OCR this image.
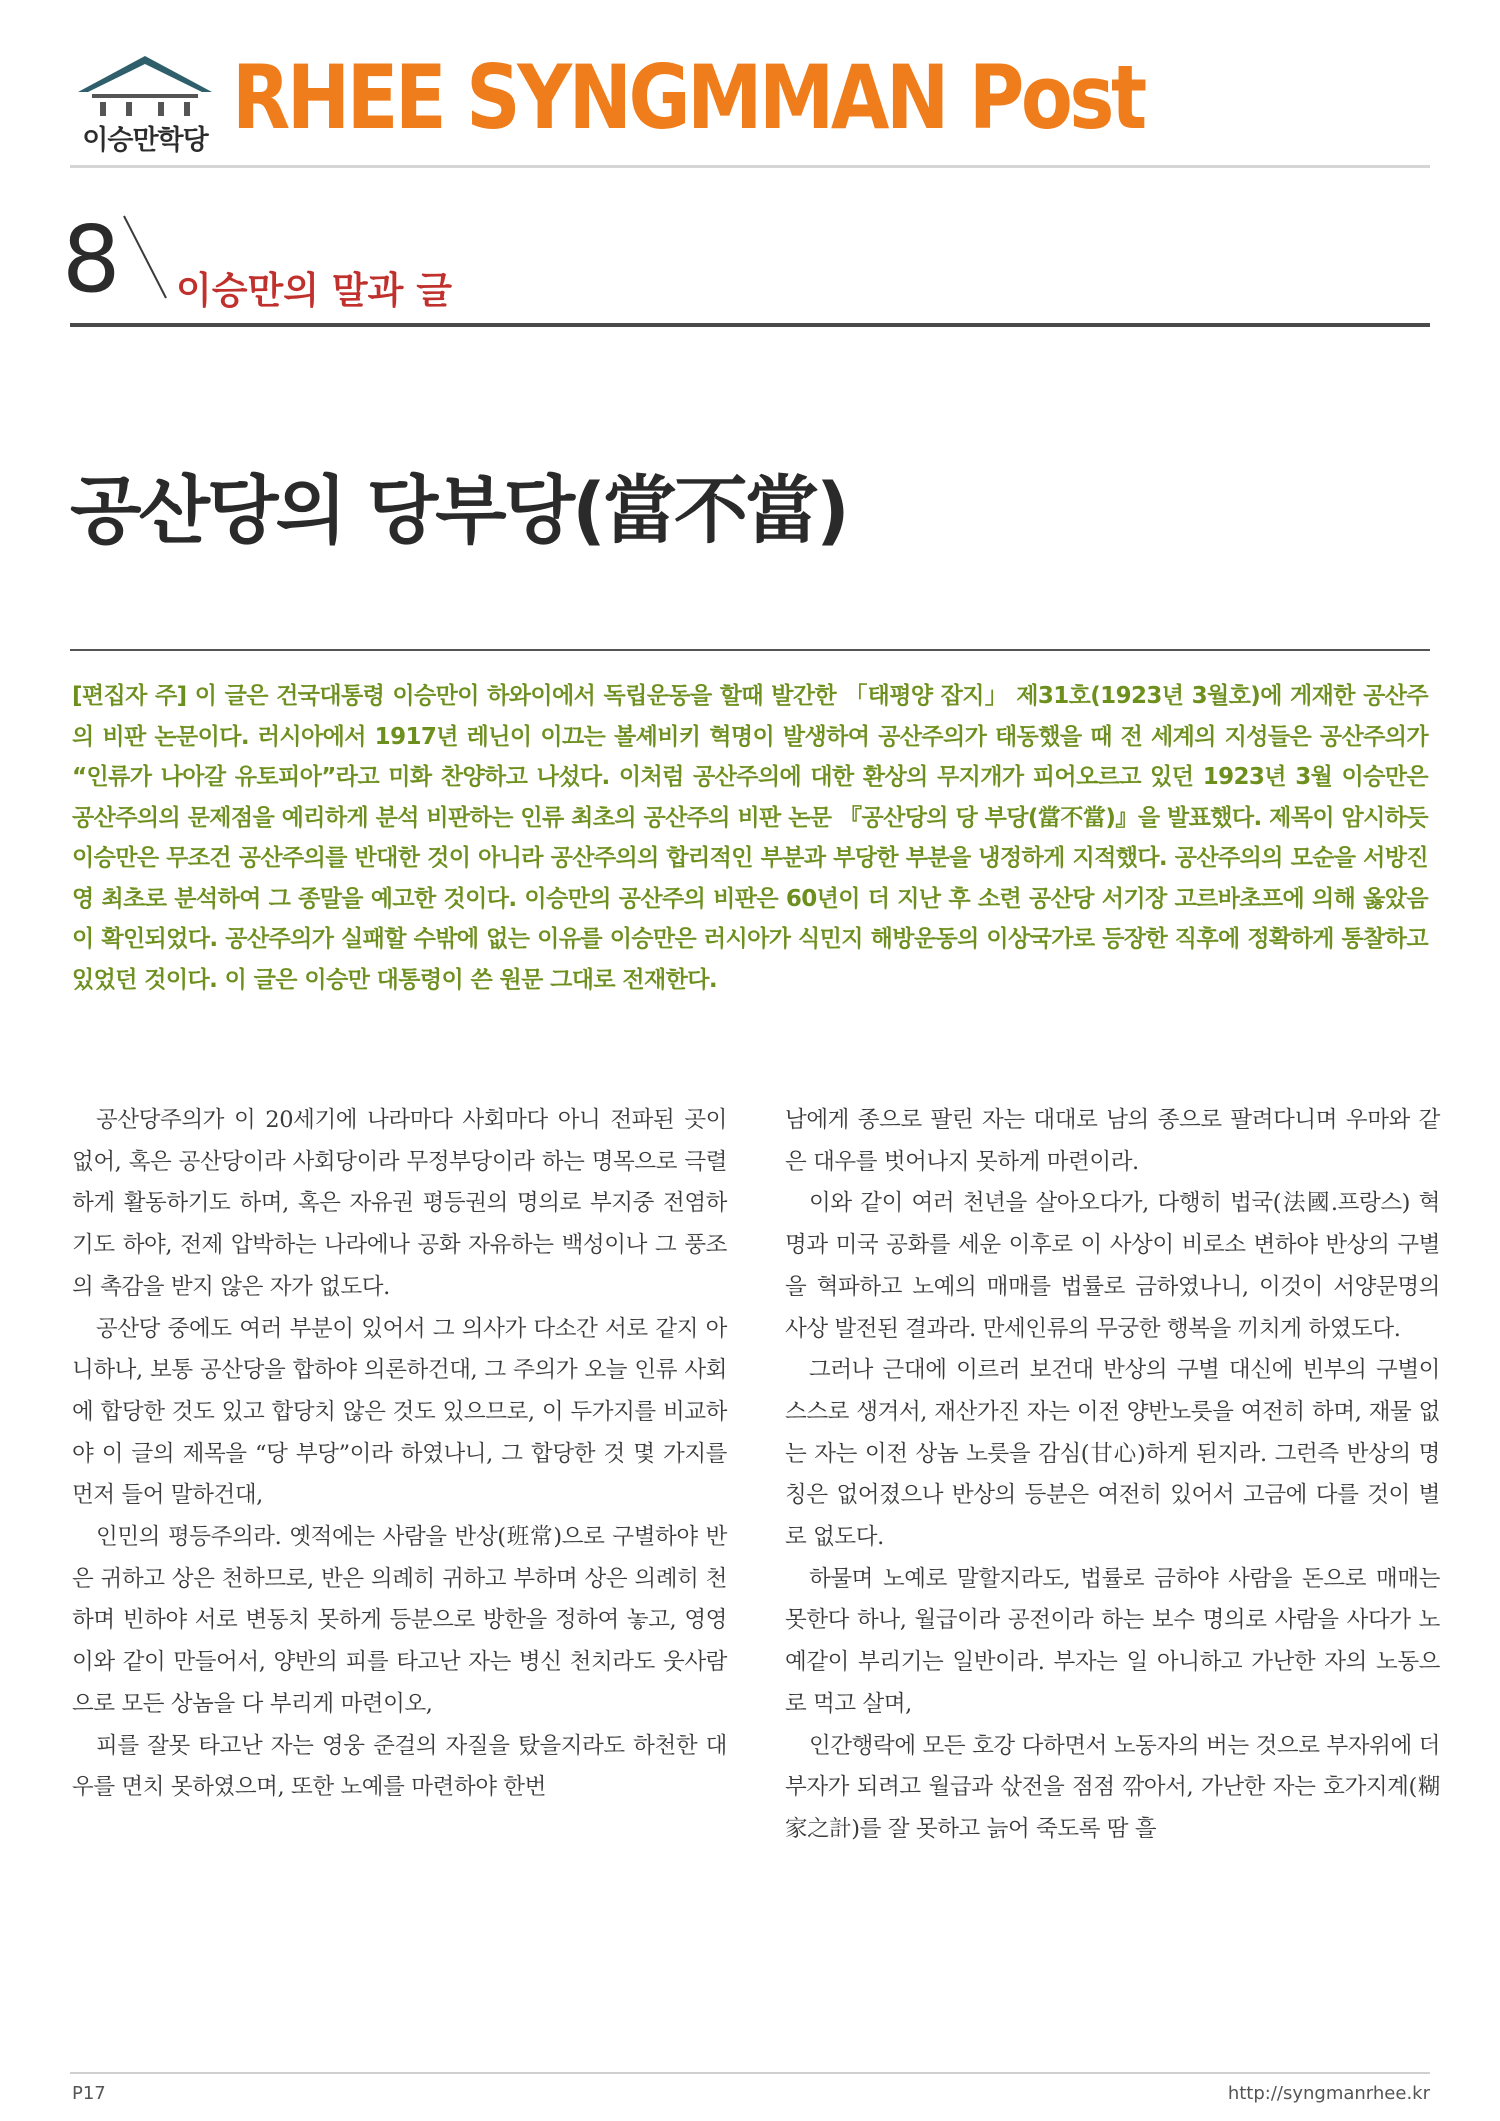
이승만학당 RHEE SYNGMMAN Post
8 이승만의 말과 글
공산당의 당부당(當不當)
[편집자 주] 이 글은 건국대통령 이승만이 하와이에서 독립운동을 할때 발간한 「태평양 잡지」 제31호(1923년 3월호)에 게재한 공산주의 비판 논문이다. 러시아에서 1917년 레닌이 이끄는 볼셰비키 혁명이 발생하여 공산주의가 태동했을 때 전 세계의 지성들은 공산주의가 “인류가 나아갈 유토피아”라고 미화 찬양하고 나섰다. 이처럼 공산주의에 대한 환상의 무지개가 피어오르고 있던 1923년 3월 이승만은 공산주의의 문제점을 예리하게 분석 비판하는 인류 최초의 공산주의 비판 논문 『공산당의 당 부당(當不當)』을 발표했다. 제목이 암시하듯 이승만은 무조건 공산주의를 반대한 것이 아니라 공산주의의 합리적인 부분과 부당한 부분을 냉정하게 지적했다. 공산주의의 모순을 서방진영 최초로 분석하여 그 종말을 예고한 것이다. 이승만의 공산주의 비판은 60년이 더 지난 후 소련 공산당 서기장 고르바초프에 의해 옳았음이 확인되었다. 공산주의가 실패할 수밖에 없는 이유를 이승만은 러시아가 식민지 해방운동의 이상국가로 등장한 직후에 정확하게 통찰하고 있었던 것이다. 이 글은 이승만 대통령이 쓴 원문 그대로 전재한다.

공산당주의가 이 20세기에 나라마다 사회마다 아니 전파된 곳이 없어, 혹은 공산당이라 사회당이라 무정부당이라 하는 명목으로 극렬하게 활동하기도 하며, 혹은 자유권 평등권의 명의로 부지중 전염하기도 하야, 전제 압박하는 나라에나 공화 자유하는 백성이나 그 풍조의 촉감을 받지 않은 자가 없도다.

공산당 중에도 여러 부분이 있어서 그 의사가 다소간 서로 같지 아니하나, 보통 공산당을 합하야 의론하건대, 그 주의가 오늘 인류 사회에 합당한 것도 있고 합당치 않은 것도 있으므로, 이 두가지를 비교하야 이 글의 제목을 “당 부당”이라 하였나니, 그 합당한 것 몇 가지를 먼저 들어 말하건대,

인민의 평등주의라. 옛적에는 사람을 반상(班常)으로 구별하야 반은 귀하고 상은 천하므로, 반은 의례히 귀하고 부하며 상은 의례히 천하며 빈하야 서로 변동치 못하게 등분으로 방한을 정하여 놓고, 영영 이와 같이 만들어서, 양반의 피를 타고난 자는 병신 천치라도 웃사람으로 모든 상놈을 다 부리게 마련이오,

피를 잘못 타고난 자는 영웅 준걸의 자질을 탔을지라도 하천한 대우를 면치 못하였으며, 또한 노예를 마련하야 한번

남에게 종으로 팔린 자는 대대로 남의 종으로 팔려다니며 우마와 같은 대우를 벗어나지 못하게 마련이라.

이와 같이 여러 천년을 살아오다가, 다행히 법국(法國.프랑스) 혁명과 미국 공화를 세운 이후로 이 사상이 비로소 변하야 반상의 구별을 혁파하고 노예의 매매를 법률로 금하였나니, 이것이 서양문명의 사상 발전된 결과라. 만세인류의 무궁한 행복을 끼치게 하였도다.

그러나 근대에 이르러 보건대 반상의 구별 대신에 빈부의 구별이 스스로 생겨서, 재산가진 자는 이전 양반노릇을 여전히 하며, 재물 없는 자는 이전 상놈 노릇을 감심(甘心)하게 된지라. 그런즉 반상의 명칭은 없어졌으나 반상의 등분은 여전히 있어서 고금에 다를 것이 별로 없도다.

하물며 노예로 말할지라도, 법률로 금하야 사람을 돈으로 매매는 못한다 하나, 월급이라 공전이라 하는 보수 명의로 사람을 사다가 노예같이 부리기는 일반이라. 부자는 일 아니하고 가난한 자의 노동으로 먹고 살며,

인간행락에 모든 호강 다하면서 노동자의 버는 것으로 부자위에 더 부자가 되려고 월급과 삯전을 점점 깎아서, 가난한 자는 호가지계(糊家之計)를 잘 못하고 늙어 죽도록 땀 흘

P17	http://syngmanrhee.kr
